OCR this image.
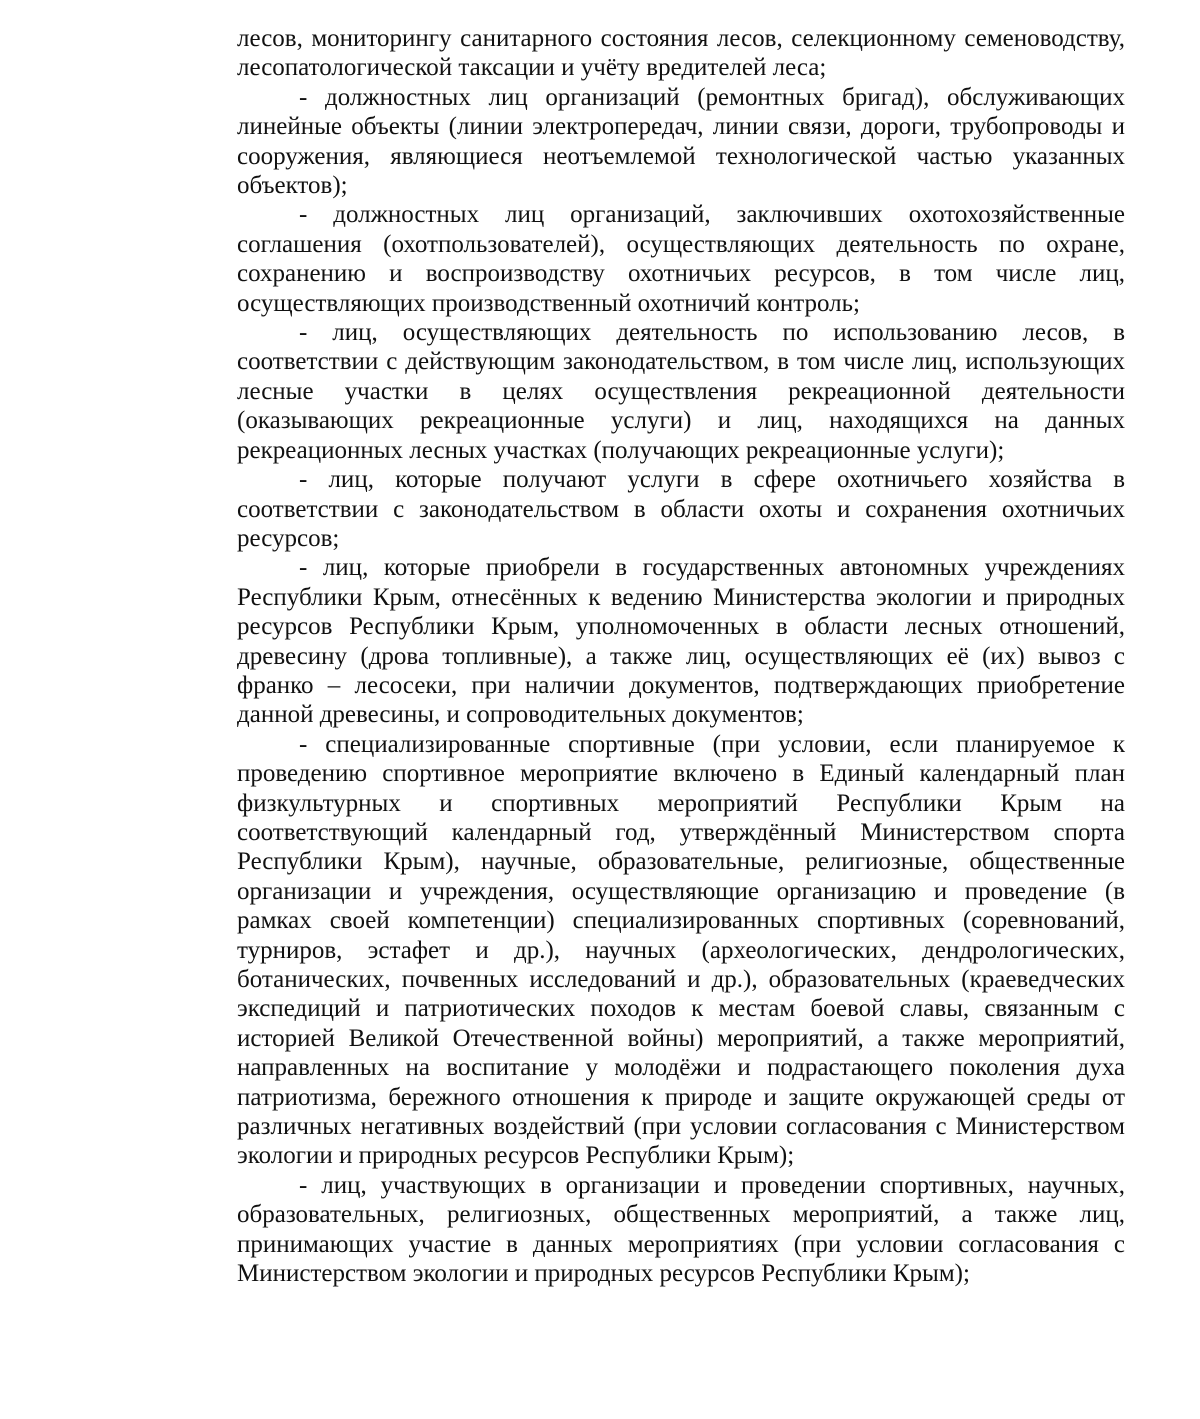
лесов, мониторингу санитарного состояния лесов, селекционному семеноводству, лесопатологической таксации и учёту вредителей леса;

- должностных лиц организаций (ремонтных бригад), обслуживающих линейные объекты (линии электропередач, линии связи, дороги, трубопроводы и сооружения, являющиеся неотъемлемой технологической частью указанных объектов);

- должностных лиц организаций, заключивших охотохозяйственные соглашения (охотпользователей), осуществляющих деятельность по охране, сохранению и воспроизводству охотничьих ресурсов, в том числе лиц, осуществляющих производственный охотничий контроль;

- лиц, осуществляющих деятельность по использованию лесов, в соответствии с действующим законодательством, в том числе лиц, использующих лесные участки в целях осуществления рекреационной деятельности (оказывающих рекреационные услуги) и лиц, находящихся на данных рекреационных лесных участках (получающих рекреационные услуги);

- лиц, которые получают услуги в сфере охотничьего хозяйства в соответствии с законодательством в области охоты и сохранения охотничьих ресурсов;

- лиц, которые приобрели в государственных автономных учреждениях Республики Крым, отнесённых к ведению Министерства экологии и природных ресурсов Республики Крым, уполномоченных в области лесных отношений, древесину (дрова топливные), а также лиц, осуществляющих её (их) вывоз с франко – лесосеки, при наличии документов, подтверждающих приобретение данной древесины, и сопроводительных документов;

- специализированные спортивные (при условии, если планируемое к проведению спортивное мероприятие включено в Единый календарный план физкультурных и спортивных мероприятий Республики Крым на соответствующий календарный год, утверждённый Министерством спорта Республики Крым), научные, образовательные, религиозные, общественные организации и учреждения, осуществляющие организацию и проведение (в рамках своей компетенции) специализированных спортивных (соревнований, турниров, эстафет и др.), научных (археологических, дендрологических, ботанических, почвенных исследований и др.), образовательных (краеведческих экспедиций и патриотических походов к местам боевой славы, связанным с историей Великой Отечественной войны) мероприятий, а также мероприятий, направленных на воспитание у молодёжи и подрастающего поколения духа патриотизма, бережного отношения к природе и защите окружающей среды от различных негативных воздействий (при условии согласования с Министерством экологии и природных ресурсов Республики Крым);

- лиц, участвующих в организации и проведении спортивных, научных, образовательных, религиозных, общественных мероприятий, а также лиц, принимающих участие в данных мероприятиях (при условии согласования с Министерством экологии и природных ресурсов Республики Крым);
